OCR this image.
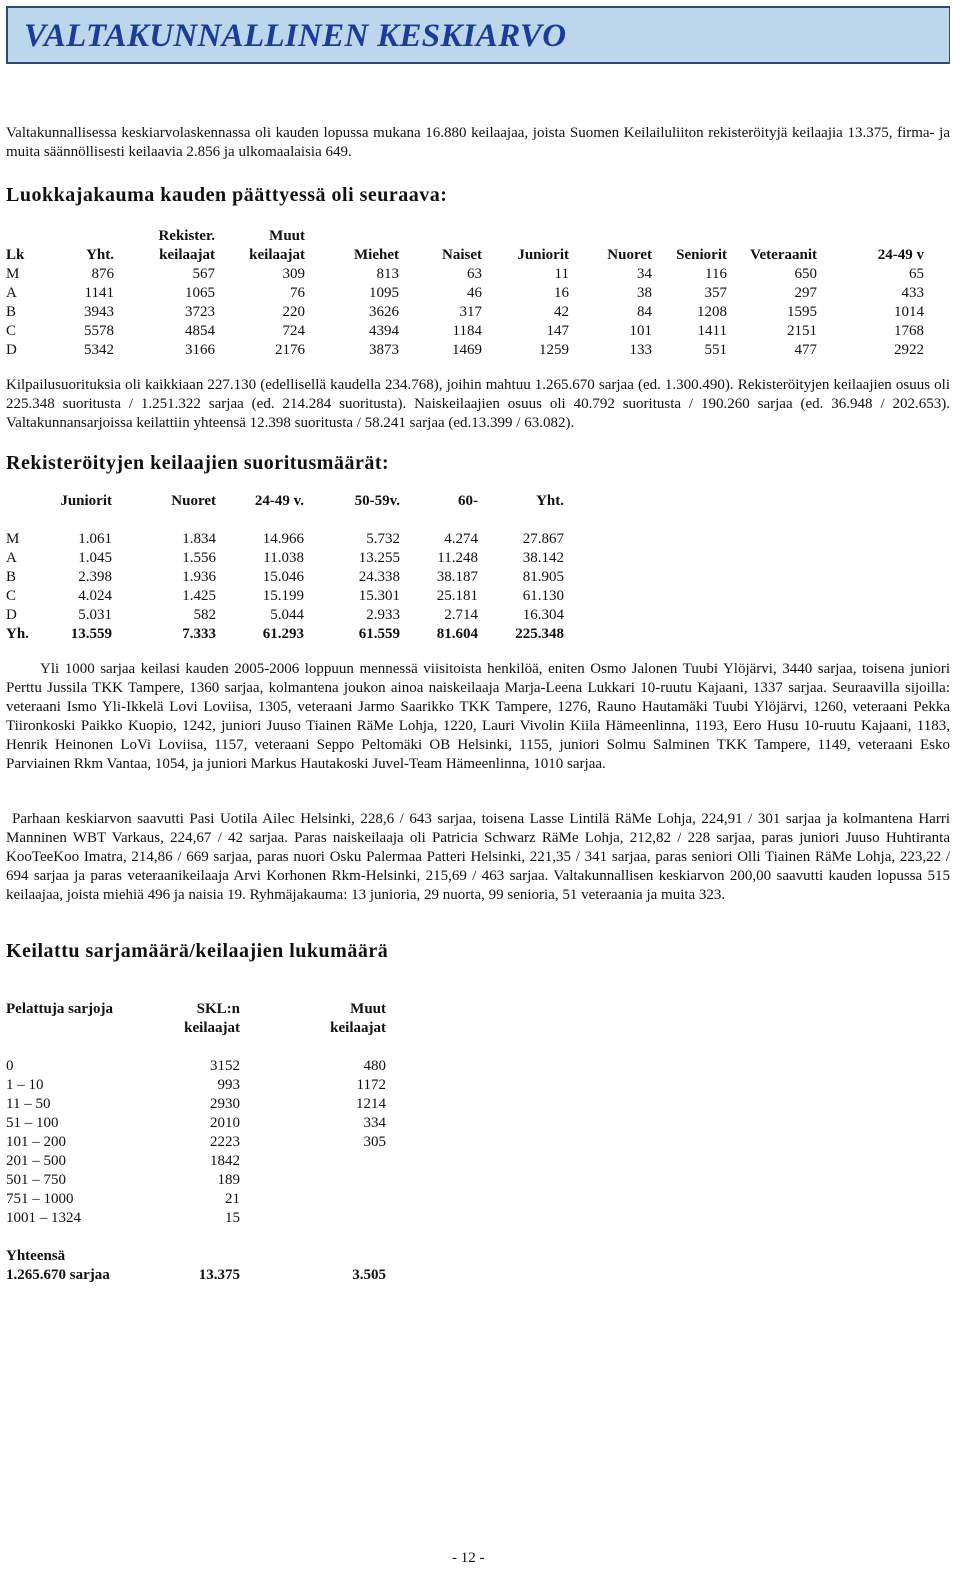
VALTAKUNNALLINEN KESKIARVO

Valtakunnallisessa keskiarvolaskennassa oli kauden lopussa mukana 16.880 keilaajaa, joista Suomen Keilailuliiton rekisteröityjä keilaajia 13.375, firma- ja muita säännöllisesti keilaavia 2.856 ja ulkomaalaisia 649.

Luokkajakauma kauden päättyessä oli seuraava:
		Rekister.	Muut							
Lk	Yht.	keilaajat	keilaajat	Miehet	Naiset	Juniorit	Nuoret	Seniorit	Veteraanit	24-49 v
M	876	567	309	813	63	11	34	116	650	65
A	1141	1065	76	1095	46	16	38	357	297	433
B	3943	3723	220	3626	317	42	84	1208	1595	1014
C	5578	4854	724	4394	1184	147	101	1411	2151	1768
D	5342	3166	2176	3873	1469	1259	133	551	477	2922

Kilpailusuorituksia oli kaikkiaan 227.130 (edellisellä kaudella 234.768), joihin mahtuu 1.265.670 sarjaa (ed. 1.300.490). Rekisteröityjen keilaajien osuus oli 225.348 suoritusta / 1.251.322 sarjaa (ed. 214.284 suoritusta). Naiskeilaajien osuus oli 40.792 suoritusta / 190.260 sarjaa (ed. 36.948 / 202.653). Valtakunnansarjoissa keilattiin yhteensä 12.398 suoritusta / 58.241 sarjaa (ed.13.399 / 63.082).

Rekisteröityjen keilaajien suoritusmäärät:
	Juniorit	Nuoret	24-49 v.	50-59v.	60-	Yht.

M	1.061	1.834	14.966	5.732	4.274	27.867
A	1.045	1.556	11.038	13.255	11.248	38.142
B	2.398	1.936	15.046	24.338	38.187	81.905
C	4.024	1.425	15.199	15.301	25.181	61.130
D	5.031	582	5.044	2.933	2.714	16.304
Yh.	13.559	7.333	61.293	61.559	81.604	225.348

Yli 1000 sarjaa keilasi kauden 2005-2006 loppuun mennessä viisitoista henkilöä, eniten Osmo Jalonen Tuubi Ylöjärvi, 3440 sarjaa, toisena juniori Perttu Jussila TKK Tampere, 1360 sarjaa, kolmantena joukon ainoa naiskeilaaja Marja-Leena Lukkari 10-ruutu Kajaani, 1337 sarjaa. Seuraavilla sijoilla: veteraani Ismo Yli-Ikkelä Lovi Loviisa, 1305, veteraani Jarmo Saarikko TKK Tampere, 1276, Rauno Hautamäki Tuubi Ylöjärvi, 1260, veteraani Pekka Tiironkoski Paikko Kuopio, 1242, juniori Juuso Tiainen RäMe Lohja, 1220, Lauri Vivolin Kiila Hämeenlinna, 1193, Eero Husu 10-ruutu Kajaani, 1183, Henrik Heinonen LoVi Loviisa, 1157, veteraani Seppo Peltomäki OB Helsinki, 1155, juniori Solmu Salminen TKK Tampere, 1149, veteraani Esko Parviainen Rkm Vantaa, 1054, ja juniori Markus Hautakoski Juvel-Team Hämeenlinna, 1010 sarjaa.

Parhaan keskiarvon saavutti Pasi Uotila Ailec Helsinki, 228,6 / 643 sarjaa, toisena Lasse Lintilä RäMe Lohja, 224,91 / 301 sarjaa ja kolmantena Harri Manninen WBT Varkaus, 224,67 / 42 sarjaa. Paras naiskeilaaja oli Patricia Schwarz RäMe Lohja, 212,82 / 228 sarjaa, paras juniori Juuso Huhtiranta KooTeeKoo Imatra, 214,86 / 669 sarjaa, paras nuori Osku Palermaa Patteri Helsinki, 221,35 / 341 sarjaa, paras seniori Olli Tiainen RäMe Lohja, 223,22 / 694 sarjaa ja paras veteraanikeilaaja Arvi Korhonen Rkm-Helsinki, 215,69 / 463 sarjaa. Valtakunnallisen keskiarvon 200,00 saavutti kauden lopussa 515 keilaajaa, joista miehiä 496 ja naisia 19. Ryhmäjakauma: 13 junioria, 29 nuorta, 99 senioria, 51 veteraania ja muita 323.

Keilattu sarjamäärä/keilaajien lukumäärä
Pelattuja sarjoja	SKL:n	Muut
	keilaajat	keilaajat

0	3152	480
1 – 10	993	1172
11 – 50	2930	1214
51 – 100	2010	334
101 – 200	2223	305
201 – 500	1842	
501 – 750	189	
751 – 1000	21	
1001 – 1324	15	

Yhteensä		
1.265.670 sarjaa	13.375	3.505
- 12 -
